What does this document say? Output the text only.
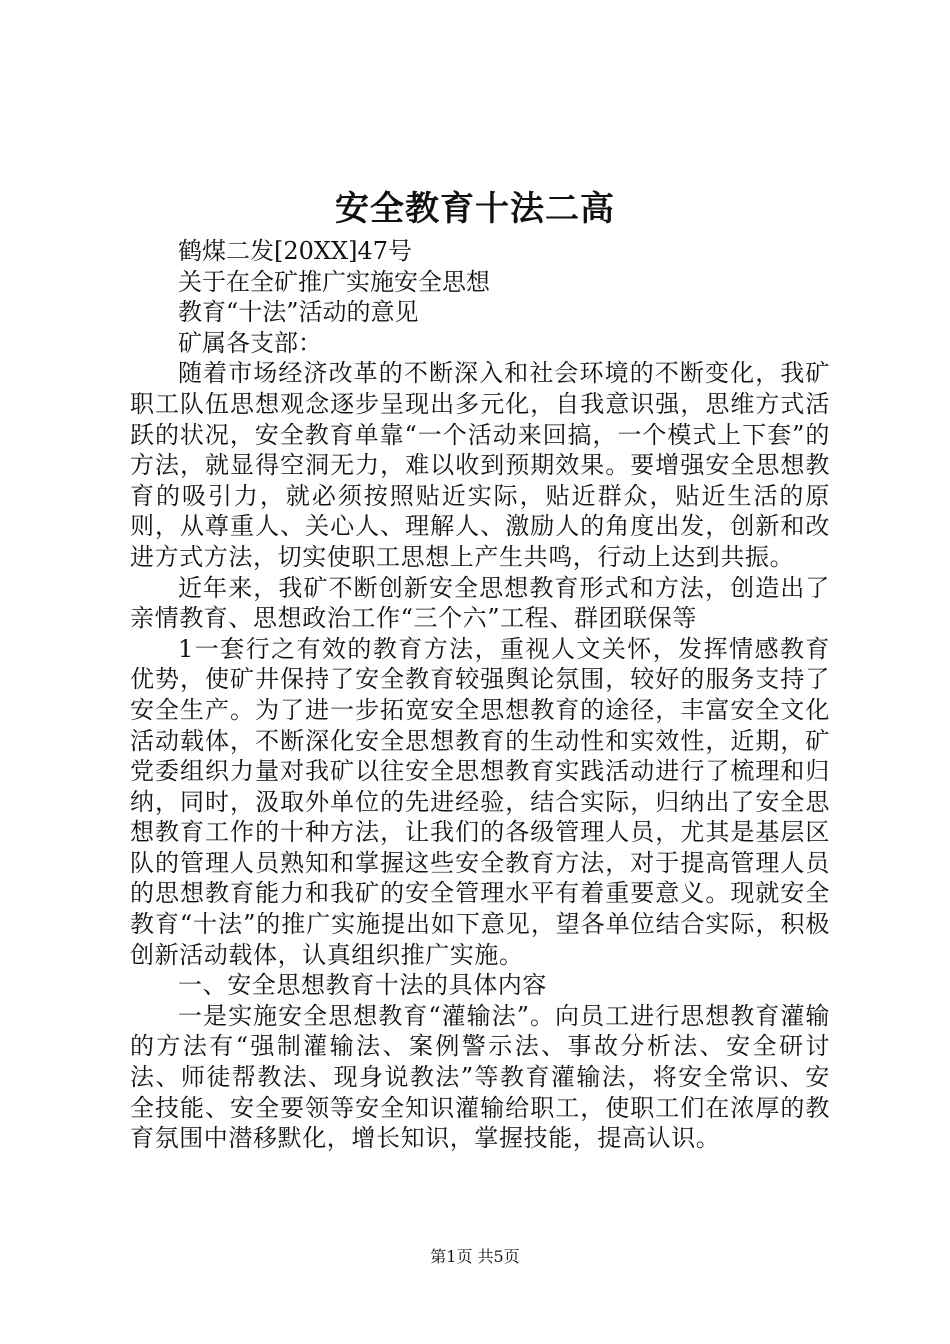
安全教育十法二高

鹤煤二发[20XX]47号

关于在全矿推广实施安全思想

教育“十法”活动的意见

矿属各支部：

随着市场经济改革的不断深入和社会环境的不断变化，我矿职工队伍思想观念逐步呈现出多元化，自我意识强，思维方式活跃的状况，安全教育单靠“一个活动来回搞，一个模式上下套”的方法，就显得空洞无力，难以收到预期效果。要增强安全思想教育的吸引力，就必须按照贴近实际，贴近群众，贴近生活的原则，从尊重人、关心人、理解人、激励人的角度出发，创新和改进方式方法，切实使职工思想上产生共鸣，行动上达到共振。

近年来，我矿不断创新安全思想教育形式和方法，创造出了亲情教育、思想政治工作“三个六”工程、群团联保等

1一套行之有效的教育方法，重视人文关怀，发挥情感教育优势，使矿井保持了安全教育较强舆论氛围，较好的服务支持了安全生产。为了进一步拓宽安全思想教育的途径，丰富安全文化活动载体，不断深化安全思想教育的生动性和实效性，近期，矿党委组织力量对我矿以往安全思想教育实践活动进行了梳理和归纳，同时，汲取外单位的先进经验，结合实际，归纳出了安全思想教育工作的十种方法，让我们的各级管理人员，尤其是基层区队的管理人员熟知和掌握这些安全教育方法，对于提高管理人员的思想教育能力和我矿的安全管理水平有着重要意义。现就安全教育“十法”的推广实施提出如下意见，望各单位结合实际，积极创新活动载体，认真组织推广实施。

一、安全思想教育十法的具体内容

一是实施安全思想教育“灌输法”。向员工进行思想教育灌输的方法有“强制灌输法、案例警示法、事故分析法、安全研讨法、师徒帮教法、现身说教法”等教育灌输法，将安全常识、安全技能、安全要领等安全知识灌输给职工，使职工们在浓厚的教育氛围中潜移默化，增长知识，掌握技能，提高认识。

第1页 共5页
